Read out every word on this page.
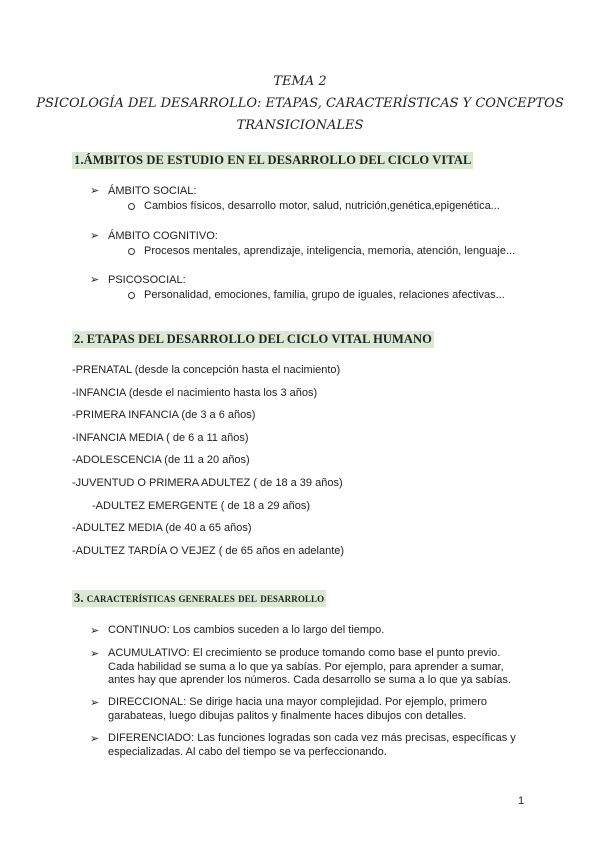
TEMA 2
PSICOLOGÍA DEL DESARROLLO: ETAPAS, CARACTERÍSTICAS Y CONCEPTOS
TRANSICIONALES
1.ÁMBITOS DE ESTUDIO EN EL DESARROLLO DEL CICLO VITAL
➢ ÁMBITO SOCIAL:
Cambios físicos, desarrollo motor, salud, nutrición,genética,epigenética...
➢ ÁMBITO COGNITIVO:
Procesos mentales, aprendizaje, inteligencia, memoria, atención, lenguaje...
➢ PSICOSOCIAL:
Personalidad, emociones, familia, grupo de iguales, relaciones afectivas...
2. ETAPAS DEL DESARROLLO DEL CICLO VITAL HUMANO
-PRENATAL (desde la concepción hasta el nacimiento)
-INFANCIA (desde el nacimiento hasta los 3 años)
-PRIMERA INFANCIA (de 3 a 6 años)
-INFANCIA MEDIA ( de 6 a 11 años)
-ADOLESCENCIA (de 11 a 20 años)
-JUVENTUD O PRIMERA ADULTEZ ( de 18 a 39 años)
-ADULTEZ EMERGENTE ( de 18 a 29 años)
-ADULTEZ MEDIA (de 40 a 65 años)
-ADULTEZ TARDÍA O VEJEZ ( de 65 años en adelante)
3. características generales del desarrollo
➢ CONTINUO: Los cambios suceden a lo largo del tiempo.
➢ ACUMULATIVO: El crecimiento se produce tomando como base el punto previo. Cada habilidad se suma a lo que ya sabías. Por ejemplo, para aprender a sumar, antes hay que aprender los números. Cada desarrollo se suma a lo que ya sabías.
➢ DIRECCIONAL: Se dirige hacia una mayor complejidad. Por ejemplo, primero garabateas, luego dibujas palitos y finalmente haces dibujos con detalles.
➢ DIFERENCIADO: Las funciones logradas son cada vez más precisas, específicas y especializadas. Al cabo del tiempo se va perfeccionando.
1
